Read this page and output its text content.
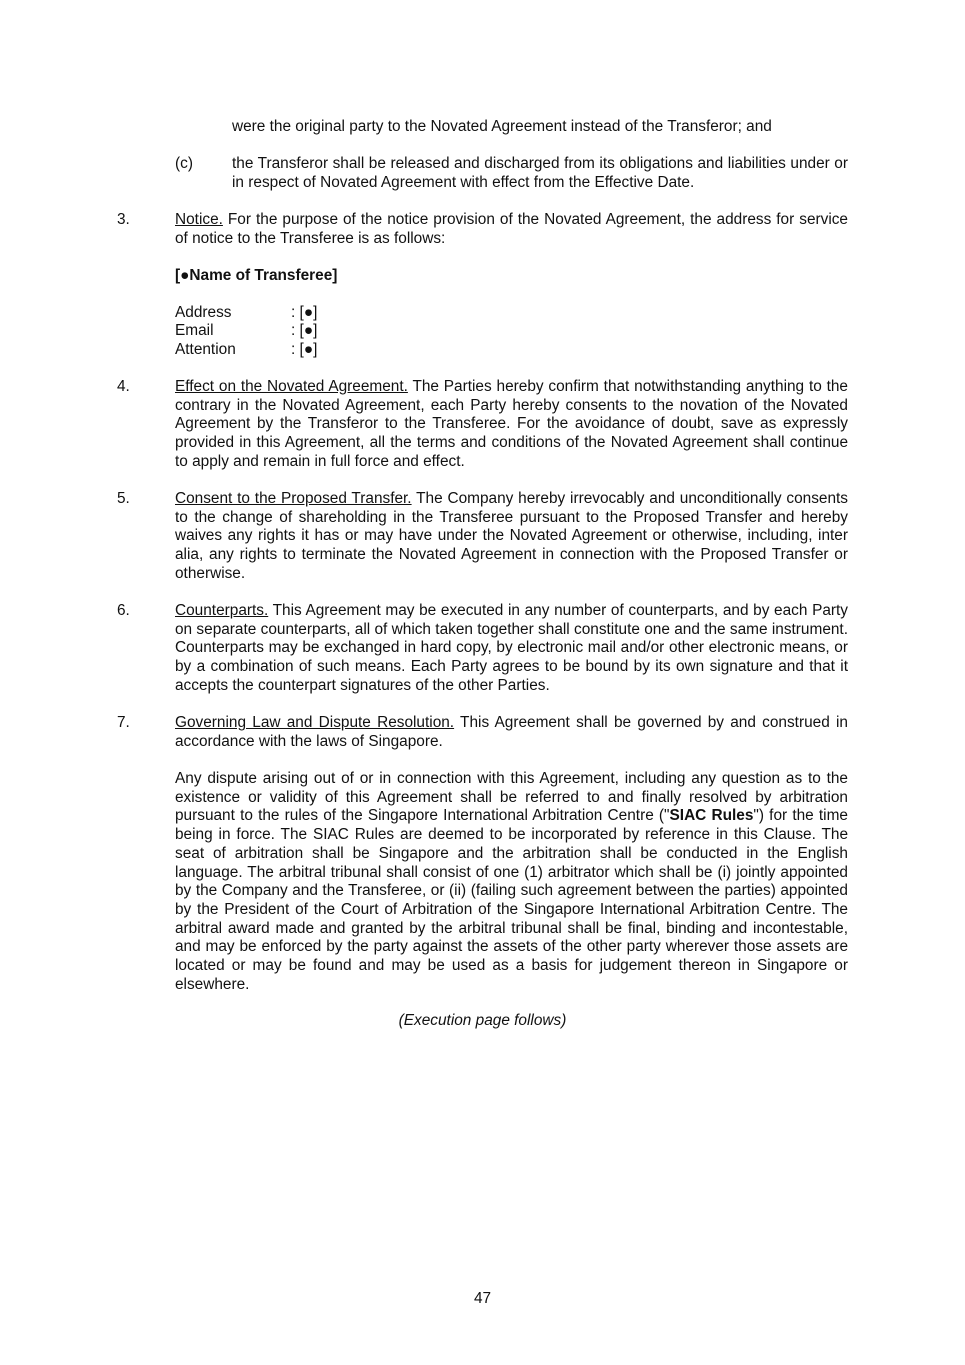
were the original party to the Novated Agreement instead of the Transferor; and
(c)	the Transferor shall be released and discharged from its obligations and liabilities under or in respect of Novated Agreement with effect from the Effective Date.
3.	Notice. For the purpose of the notice provision of the Novated Agreement, the address for service of notice to the Transferee is as follows:
[●Name of Transferee]
Address	: [●]
Email	: [●]
Attention	: [●]
4.	Effect on the Novated Agreement. The Parties hereby confirm that notwithstanding anything to the contrary in the Novated Agreement, each Party hereby consents to the novation of the Novated Agreement by the Transferor to the Transferee. For the avoidance of doubt, save as expressly provided in this Agreement, all the terms and conditions of the Novated Agreement shall continue to apply and remain in full force and effect.
5.	Consent to the Proposed Transfer. The Company hereby irrevocably and unconditionally consents to the change of shareholding in the Transferee pursuant to the Proposed Transfer and hereby waives any rights it has or may have under the Novated Agreement or otherwise, including, inter alia, any rights to terminate the Novated Agreement in connection with the Proposed Transfer or otherwise.
6.	Counterparts. This Agreement may be executed in any number of counterparts, and by each Party on separate counterparts, all of which taken together shall constitute one and the same instrument. Counterparts may be exchanged in hard copy, by electronic mail and/or other electronic means, or by a combination of such means. Each Party agrees to be bound by its own signature and that it accepts the counterpart signatures of the other Parties.
7.	Governing Law and Dispute Resolution. This Agreement shall be governed by and construed in accordance with the laws of Singapore.
Any dispute arising out of or in connection with this Agreement, including any question as to the existence or validity of this Agreement shall be referred to and finally resolved by arbitration pursuant to the rules of the Singapore International Arbitration Centre ("SIAC Rules") for the time being in force. The SIAC Rules are deemed to be incorporated by reference in this Clause. The seat of arbitration shall be Singapore and the arbitration shall be conducted in the English language. The arbitral tribunal shall consist of one (1) arbitrator which shall be (i) jointly appointed by the Company and the Transferee, or (ii) (failing such agreement between the parties) appointed by the President of the Court of Arbitration of the Singapore International Arbitration Centre. The arbitral award made and granted by the arbitral tribunal shall be final, binding and incontestable, and may be enforced by the party against the assets of the other party wherever those assets are located or may be found and may be used as a basis for judgement thereon in Singapore or elsewhere.
(Execution page follows)
47
